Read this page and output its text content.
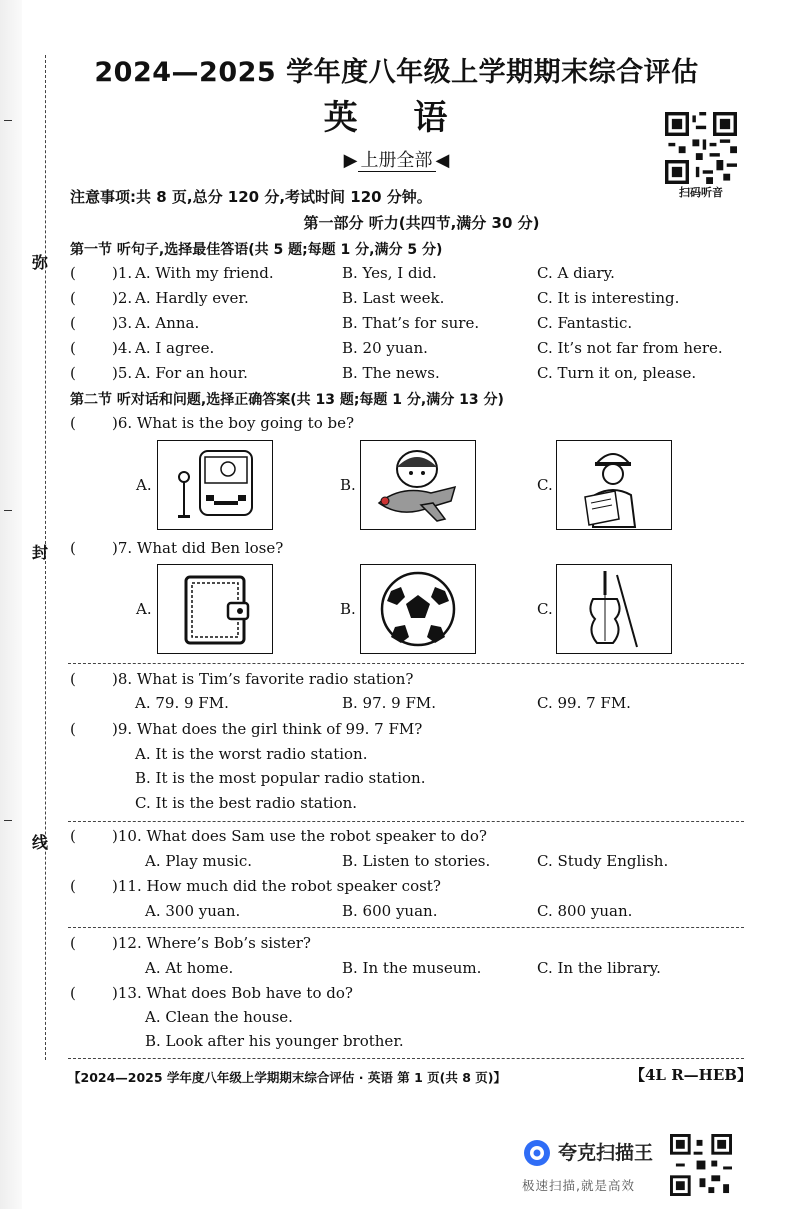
弥
封
线
2024—2025 学年度八年级上学期期末综合评估
英 语
▶ 上册全部 ◀
扫码听音
注意事项:共 8 页,总分 120 分,考试时间 120 分钟。
第一部分 听力(共四节,满分 30 分)
第一节 听句子,选择最佳答语(共 5 题;每题 1 分,满分 5 分)
( )1. A. With my friend.	B. Yes, I did.	C. A diary.
( )2. A. Hardly ever.	B. Last week.	C. It is interesting.
( )3. A. Anna.	B. That’s for sure.	C. Fantastic.
( )4. A. I agree.	B. 20 yuan.	C. It’s not far from here.
( )5. A. For an hour.	B. The news.	C. Turn it on, please.
第二节 听对话和问题,选择正确答案(共 13 题;每题 1 分,满分 13 分)
( )6. What is the boy going to be?
A.	B.	C.
( )7. What did Ben lose?
A.	B.	C.
( )8. What is Tim’s favorite radio station?
A. 79. 9 FM.	B. 97. 9 FM.	C. 99. 7 FM.
( )9. What does the girl think of 99. 7 FM?
A. It is the worst radio station.
B. It is the most popular radio station.
C. It is the best radio station.
( )10. What does Sam use the robot speaker to do?
A. Play music.	B. Listen to stories.	C. Study English.
( )11. How much did the robot speaker cost?
A. 300 yuan.	B. 600 yuan.	C. 800 yuan.
( )12. Where’s Bob’s sister?
A. At home.	B. In the museum.	C. In the library.
( )13. What does Bob have to do?
A. Clean the house.
B. Look after his younger brother.
【2024—2025 学年度八年级上学期期末综合评估 · 英语 第 1 页(共 8 页)】	【4L R—HEB】
夸克扫描王
极速扫描,就是高效
